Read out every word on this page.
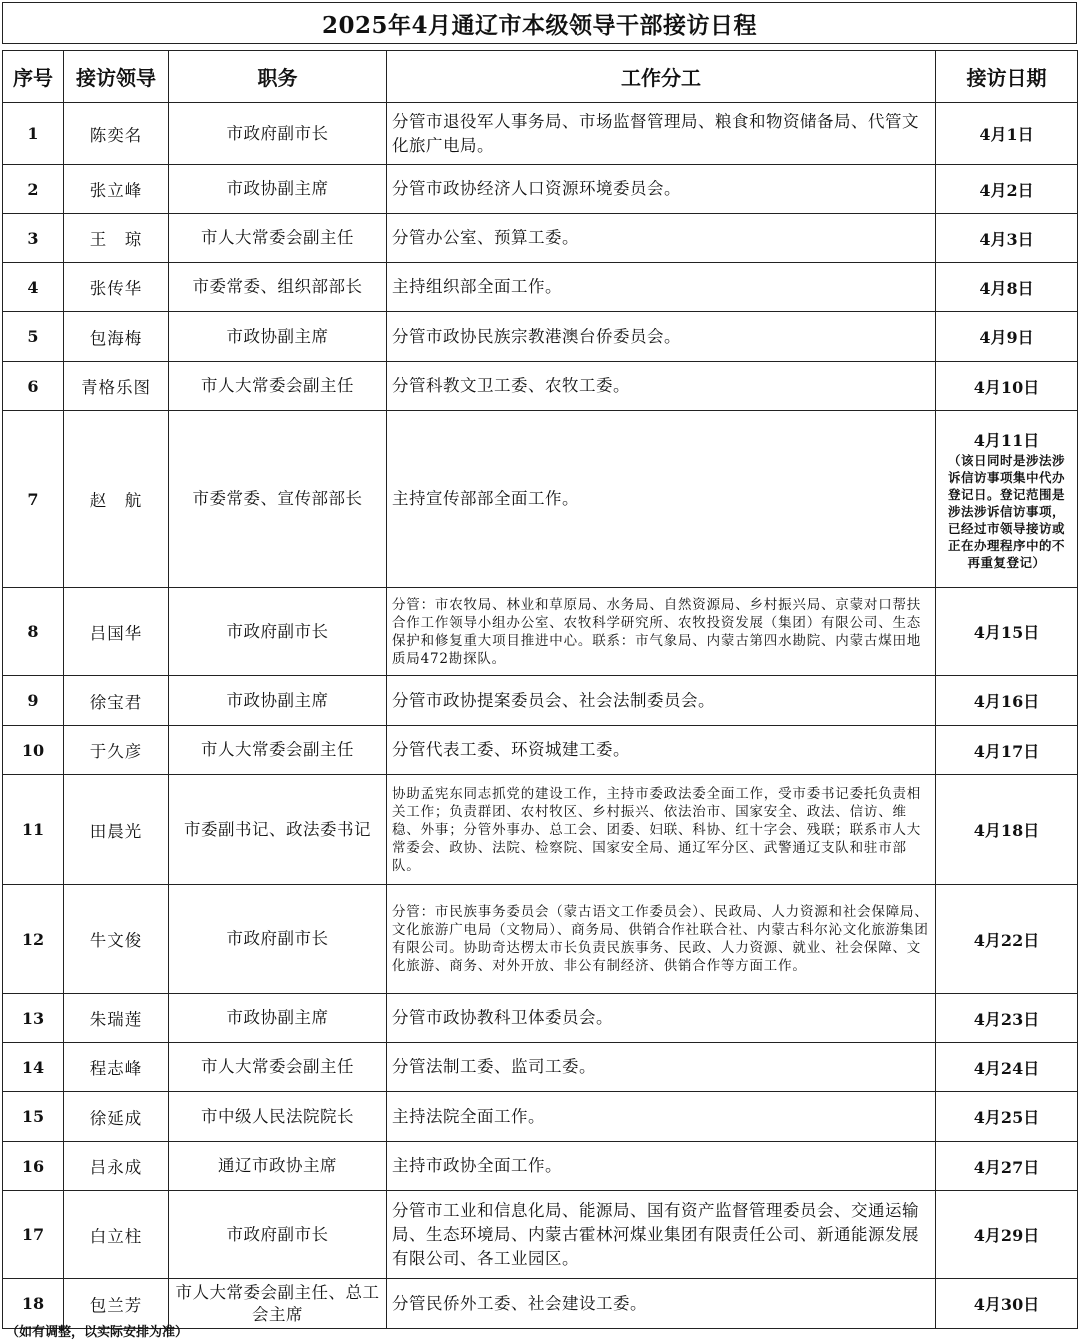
2025年4月通辽市本级领导干部接访日程
序号	接访领导	职务	工作分工	接访日期
1	陈奕名	市政府副市长	分管市退役军人事务局、市场监督管理局、粮食和物资储备局、代管文化旅广电局。	4月1日

2	张立峰	市政协副主席	分管市政协经济人口资源环境委员会。	4月2日

3	王　琼	市人大常委会副主任	分管办公室、预算工委。	4月3日

4	张传华	市委常委、组织部部长	主持组织部全面工作。	4月8日

5	包海梅	市政协副主席	分管市政协民族宗教港澳台侨委员会。	4月9日

6	青格乐图	市人大常委会副主任	分管科教文卫工委、农牧工委。	4月10日

7	赵　航	市委常委、宣传部部长	主持宣传部部全面工作。	4月11日
（该日同时是涉法涉诉信访事项集中代办登记日。登记范围是涉法涉诉信访事项，已经过市领导接访或正在办理程序中的不再重复登记）

8	吕国华	市政府副市长	分管：市农牧局、林业和草原局、水务局、自然资源局、乡村振兴局、京蒙对口帮扶合作工作领导小组办公室、农牧科学研究所、农牧投资发展（集团）有限公司、生态保护和修复重大项目推进中心。联系：市气象局、内蒙古第四水勘院、内蒙古煤田地质局472勘探队。	4月15日

9	徐宝君	市政协副主席	分管市政协提案委员会、社会法制委员会。	4月16日

10	于久彦	市人大常委会副主任	分管代表工委、环资城建工委。	4月17日

11	田晨光	市委副书记、政法委书记	协助孟宪东同志抓党的建设工作，主持市委政法委全面工作，受市委书记委托负责相关工作；负责群团、农村牧区、乡村振兴、依法治市、国家安全、政法、信访、维稳、外事；分管外事办、总工会、团委、妇联、科协、红十字会、残联；联系市人大常委会、政协、法院、检察院、国家安全局、通辽军分区、武警通辽支队和驻市部队。	4月18日

12	牛文俊	市政府副市长	分管：市民族事务委员会（蒙古语文工作委员会）、民政局、人力资源和社会保障局、文化旅游广电局（文物局）、商务局、供销合作社联合社、内蒙古科尔沁文化旅游集团有限公司。协助奇达楞太市长负责民族事务、民政、人力资源、就业、社会保障、文化旅游、商务、对外开放、非公有制经济、供销合作等方面工作。	4月22日

13	朱瑞莲	市政协副主席	分管市政协教科卫体委员会。	4月23日

14	程志峰	市人大常委会副主任	分管法制工委、监司工委。	4月24日

15	徐延成	市中级人民法院院长	主持法院全面工作。	4月25日

16	吕永成	通辽市政协主席	主持市政协全面工作。	4月27日

17	白立柱	市政府副市长	分管市工业和信息化局、能源局、国有资产监督管理委员会、交通运输局、生态环境局、内蒙古霍林河煤业集团有限责任公司、新通能源发展有限公司、各工业园区。	4月29日

18	包兰芳	市人大常委会副主任、总工会主席	分管民侨外工委、社会建设工委。	4月30日
（如有调整，以实际安排为准）
